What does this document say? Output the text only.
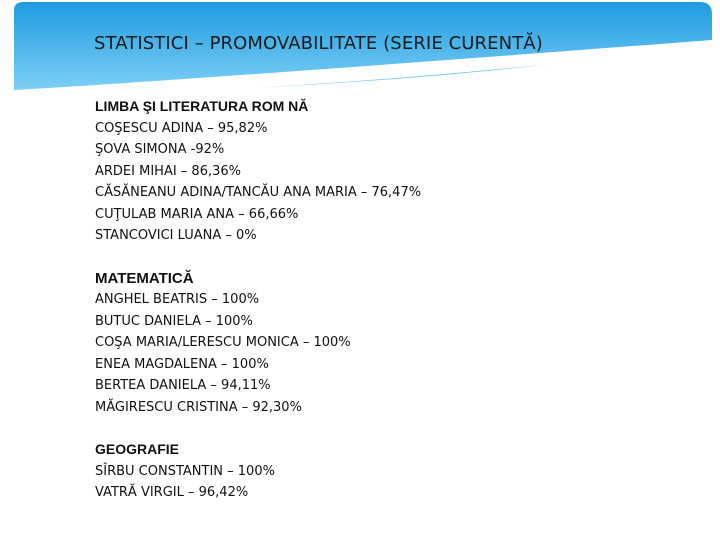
STATISTICI – PROMOVABILITATE (SERIE CURENTĂ)
LIMBA ŞI LITERATURA ROM NĂ
COŞESCU ADINA – 95,82%
ŞOVA SIMONA -92%
ARDEI MIHAI – 86,36%
CĂSĂNEANU ADINA/TANCĂU ANA MARIA – 76,47%
CUŢULAB MARIA ANA – 66,66%
STANCOVICI LUANA – 0%
MATEMATICĂ
ANGHEL BEATRIS – 100%
BUTUC DANIELA – 100%
COŞA MARIA/LERESCU MONICA – 100%
ENEA MAGDALENA – 100%
BERTEA DANIELA – 94,11%
MĂGIRESCU CRISTINA – 92,30%
GEOGRAFIE
SÎRBU CONSTANTIN – 100%
VATRĂ VIRGIL – 96,42%
